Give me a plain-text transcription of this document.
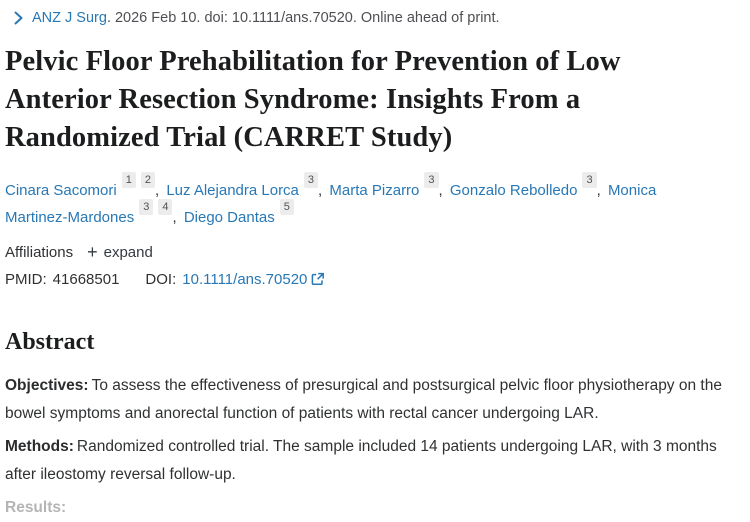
ANZ J Surg . 2026 Feb 10. doi: 10.1111/ans.70520. Online ahead of print.
Pelvic Floor Prehabilitation for Prevention of Low Anterior Resection Syndrome: Insights From a Randomized Trial (CARRET Study)
Cinara Sacomori$^1$ $^2$, Luz Alejandra Lorca$^3$, Marta Pizarro$^3$, Gonzalo Rebolledo$^3$, Monica Martinez-Mardones$^3$ $^4$, Diego Dantas$^5$
Affiliations + expand
PMID: 41668501 DOI: 10.1111/ans.70520
Abstract

Objectives: To assess the effectiveness of presurgical and postsurgical pelvic floor physiotherapy on the bowel symptoms and anorectal function of patients with rectal cancer undergoing LAR.

Methods: Randomized controlled trial. The sample included 14 patients undergoing LAR, with 3 months after ileostomy reversal follow-up.

Results:
